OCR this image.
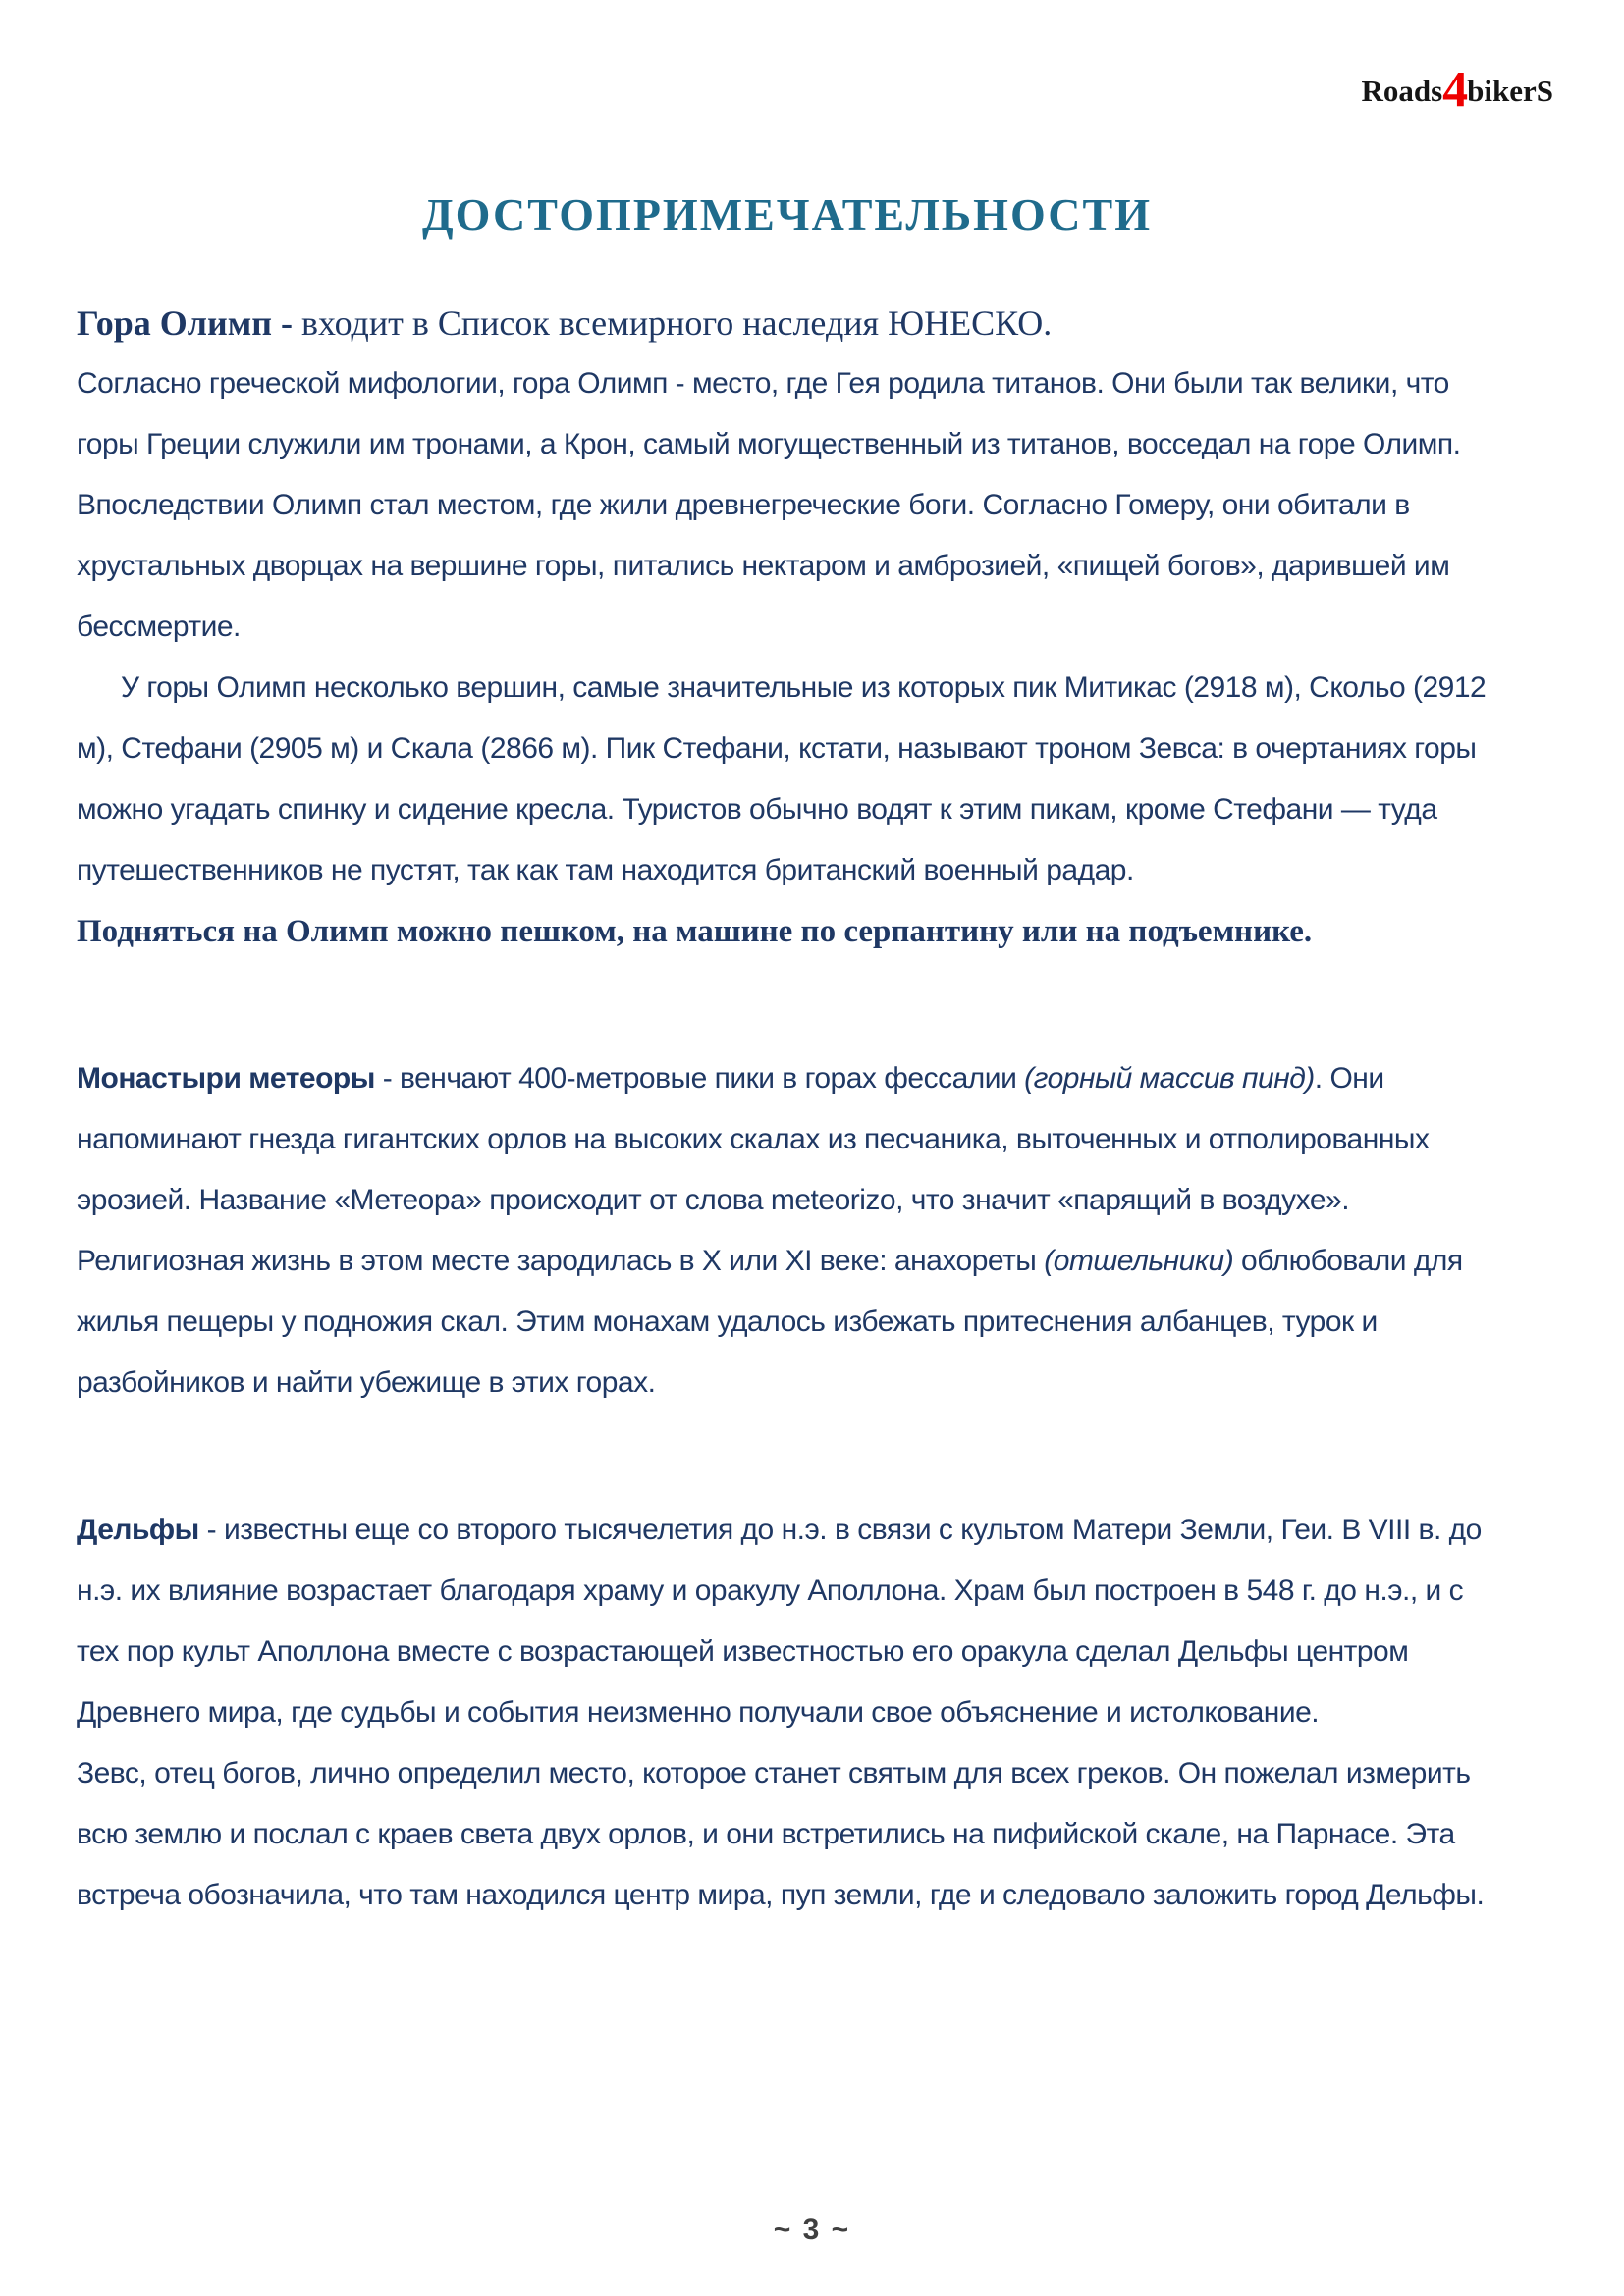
Roads4bikerS
ДОСТОПРИМЕЧАТЕЛЬНОСТИ

Гора Олимп - входит в Список всемирного наследия ЮНЕСКО.

Согласно греческой мифологии, гора Олимп - место, где Гея родила титанов. Они были так велики, что горы Греции служили им тронами, а Крон, самый могущественный из титанов, восседал на горе Олимп. Впоследствии Олимп стал местом, где жили древнегреческие боги. Согласно Гомеру, они обитали в хрустальных дворцах на вершине горы, питались нектаром и амброзией, «пищей богов», дарившей им бессмертие.

У горы Олимп несколько вершин, самые значительные из которых пик Митикас (2918 м), Скольо (2912 м), Стефани (2905 м) и Скала (2866 м). Пик Стефани, кстати, называют троном Зевса: в очертаниях горы можно угадать спинку и сидение кресла. Туристов обычно водят к этим пикам, кроме Стефани — туда путешественников не пустят, так как там находится британский военный радар.

Подняться на Олимп можно пешком, на машине по серпантину или на подъемнике.

Монастыри метеоры - венчают 400-метровые пики в горах фессалии (горный массив пинд). Они напоминают гнезда гигантских орлов на высоких скалах из песчаника, выточенных и отполированных эрозией. Название «Метеора» происходит от слова meteorizo, что значит «парящий в воздухе». Религиозная жизнь в этом месте зародилась в X или XI веке: анахореты (отшельники) облюбовали для жилья пещеры у подножия скал. Этим монахам удалось избежать притеснения албанцев, турок и разбойников и найти убежище в этих горах.

Дельфы - известны еще со второго тысячелетия до н.э. в связи с культом Матери Земли, Геи. В VIII в. до н.э. их влияние возрастает благодаря храму и оракулу Аполлона. Храм был построен в 548 г. до н.э., и с тех пор культ Аполлона вместе с возрастающей известностью его оракула сделал Дельфы центром Древнего мира, где судьбы и события неизменно получали свое объяснение и истолкование.

Зевс, отец богов, лично определил место, которое станет святым для всех греков. Он пожелал измерить всю землю и послал с краев света двух орлов, и они встретились на пифийской скале, на Парнасе. Эта встреча обозначила, что там находился центр мира, пуп земли, где и следовало заложить город Дельфы.

~ 3 ~
